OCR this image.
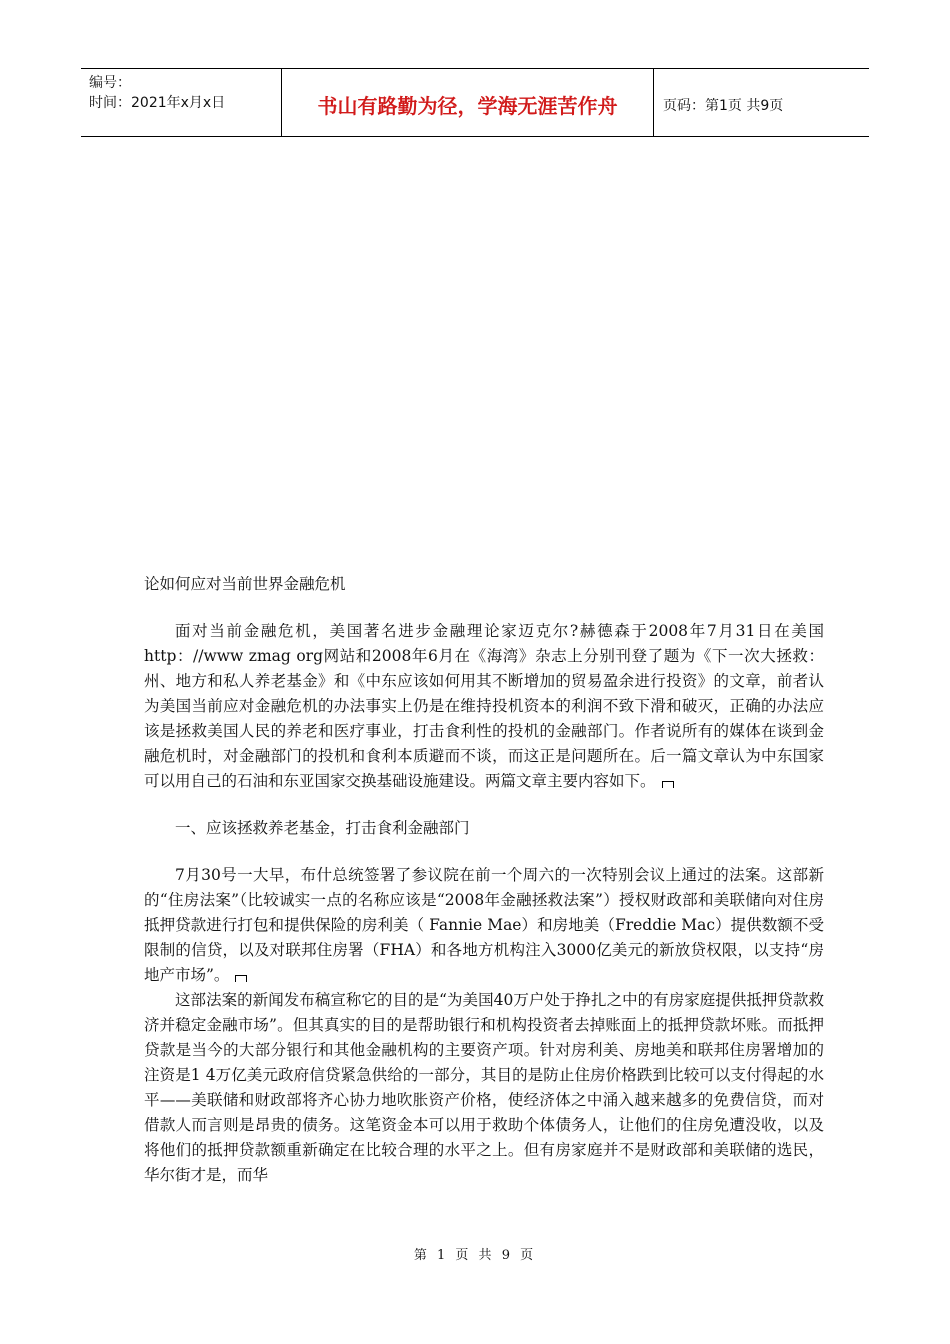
编号：
时间：2021年x月x日	书山有路勤为径，学海无涯苦作舟	页码：第1页 共9页

论如何应对当前世界金融危机

面对当前金融危机，美国著名进步金融理论家迈克尔?赫德森于2008年7月31日在美国http：//www zmag org网站和2008年6月在《海湾》杂志上分别刊登了题为《下一次大拯救：州、地方和私人养老基金》和《中东应该如何用其不断增加的贸易盈余进行投资》的文章，前者认为美国当前应对金融危机的办法事实上仍是在维持投机资本的利润不致下滑和破灭，正确的办法应该是拯救美国人民的养老和医疗事业，打击食利性的投机的金融部门。作者说所有的媒体在谈到金融危机时，对金融部门的投机和食利本质避而不谈，而这正是问题所在。后一篇文章认为中东国家可以用自己的石油和东亚国家交换基础设施建设。两篇文章主要内容如下。

一、应该拯救养老基金，打击食利金融部门

7月30号一大早，布什总统签署了参议院在前一个周六的一次特别会议上通过的法案。这部新的“住房法案”（比较诚实一点的名称应该是“2008年金融拯救法案”）授权财政部和美联储向对住房抵押贷款进行打包和提供保险的房利美（ Fannie Mae）和房地美（Freddie Mac）提供数额不受限制的信贷，以及对联邦住房署（FHA）和各地方机构注入3000亿美元的新放贷权限，以支持“房地产市场”。

这部法案的新闻发布稿宣称它的目的是“为美国40万户处于挣扎之中的有房家庭提供抵押贷款救济并稳定金融市场”。但其真实的目的是帮助银行和机构投资者去掉账面上的抵押贷款坏账。而抵押贷款是当今的大部分银行和其他金融机构的主要资产项。针对房利美、房地美和联邦住房署增加的注资是1 4万亿美元政府信贷紧急供给的一部分，其目的是防止住房价格跌到比较可以支付得起的水平——美联储和财政部将齐心协力地吹胀资产价格，使经济体之中涌入越来越多的免费信贷，而对借款人而言则是昂贵的债务。这笔资金本可以用于救助个体债务人，让他们的住房免遭没收，以及将他们的抵押贷款额重新确定在比较合理的水平之上。但有房家庭并不是财政部和美联储的选民，华尔街才是，而华

第 1 页 共 9 页
